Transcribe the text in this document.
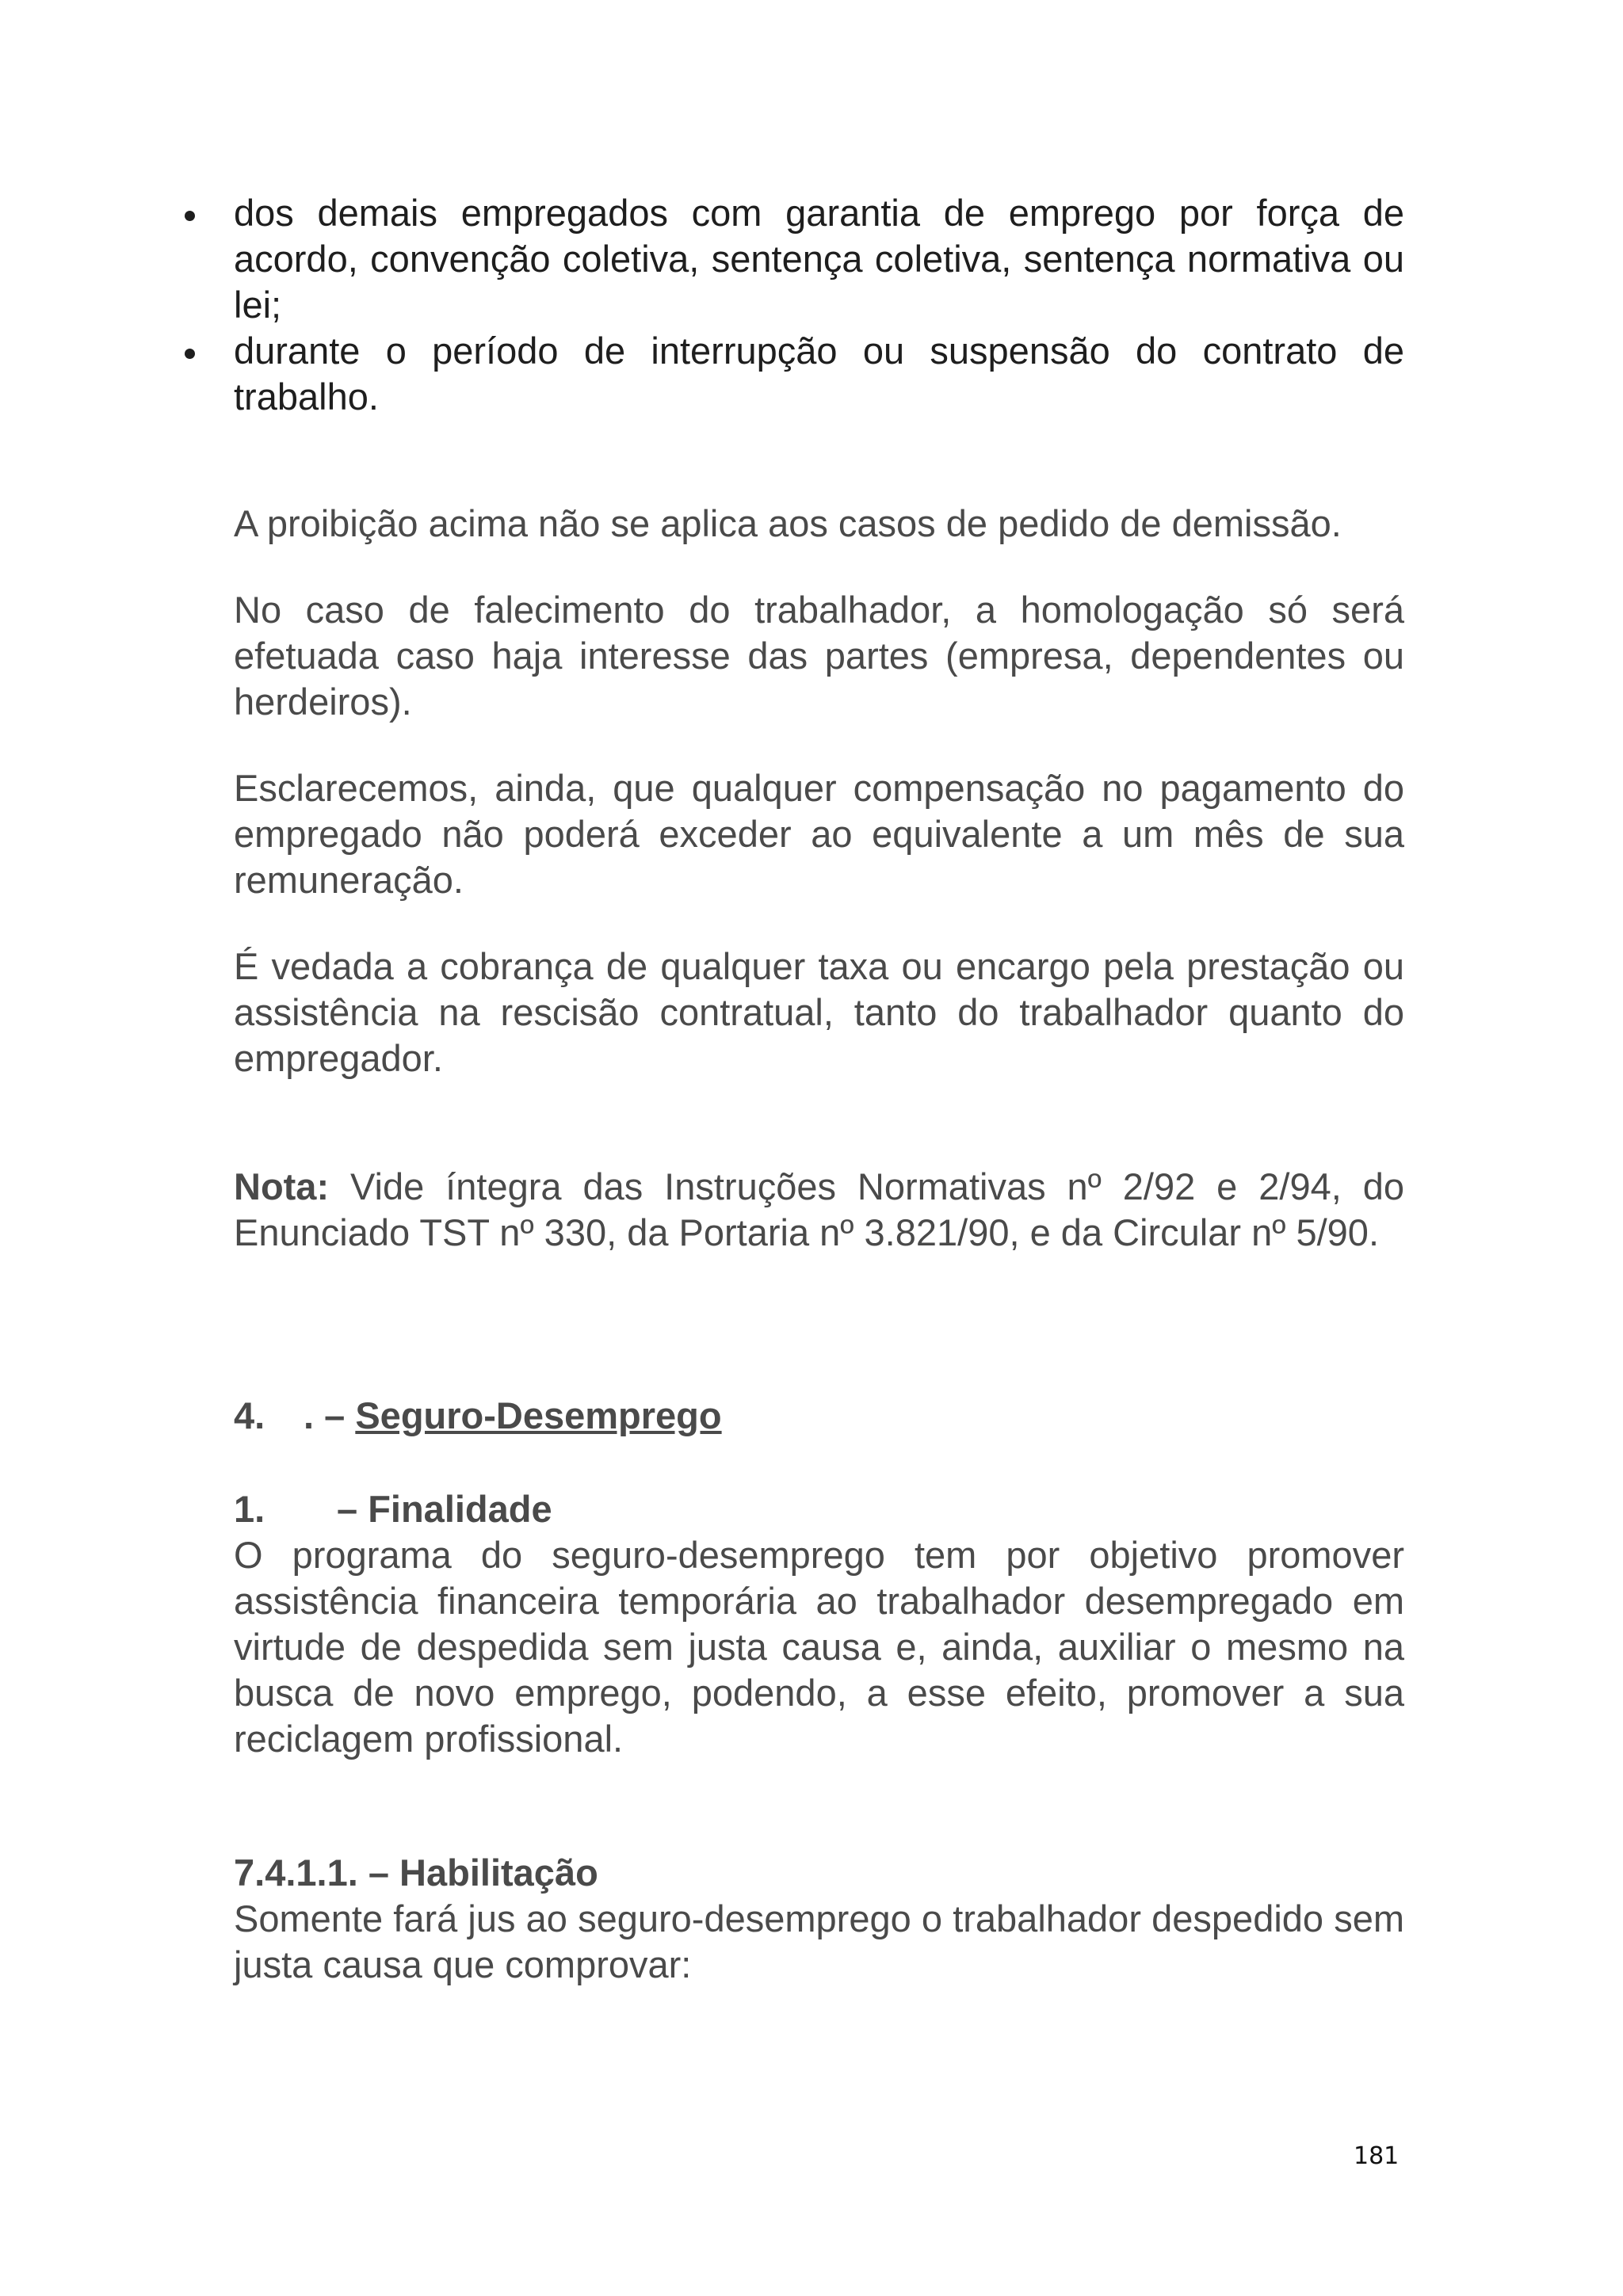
dos demais empregados com garantia de emprego por força de acordo, convenção coletiva, sentença coletiva, sentença normativa ou lei;
durante o período de interrupção ou suspensão do contrato de trabalho.

A proibição acima não se aplica aos casos de pedido de demissão.

No caso de falecimento do trabalhador, a homologação só será efetuada caso haja interesse das partes (empresa, dependentes ou herdeiros).

Esclarecemos, ainda, que qualquer compensação no pagamento do empregado não poderá exceder ao equivalente a um mês de sua remuneração.

É vedada a cobrança de qualquer taxa ou encargo pela prestação ou assistência na rescisão contratual, tanto do trabalhador quanto do empregador.

Nota: Vide íntegra das Instruções Normativas nº 2/92 e 2/94, do Enunciado TST nº 330, da Portaria nº 3.821/90, e da Circular nº 5/90.

4. . – Seguro-Desemprego

1. – Finalidade

O programa do seguro-desemprego tem por objetivo promover assistência financeira temporária ao trabalhador desempregado em virtude de despedida sem justa causa e, ainda, auxiliar o mesmo na busca de novo emprego, podendo, a esse efeito, promover a sua reciclagem profissional.

7.4.1.1. – Habilitação

Somente fará jus ao seguro-desemprego o trabalhador despedido sem justa causa que comprovar:

181
